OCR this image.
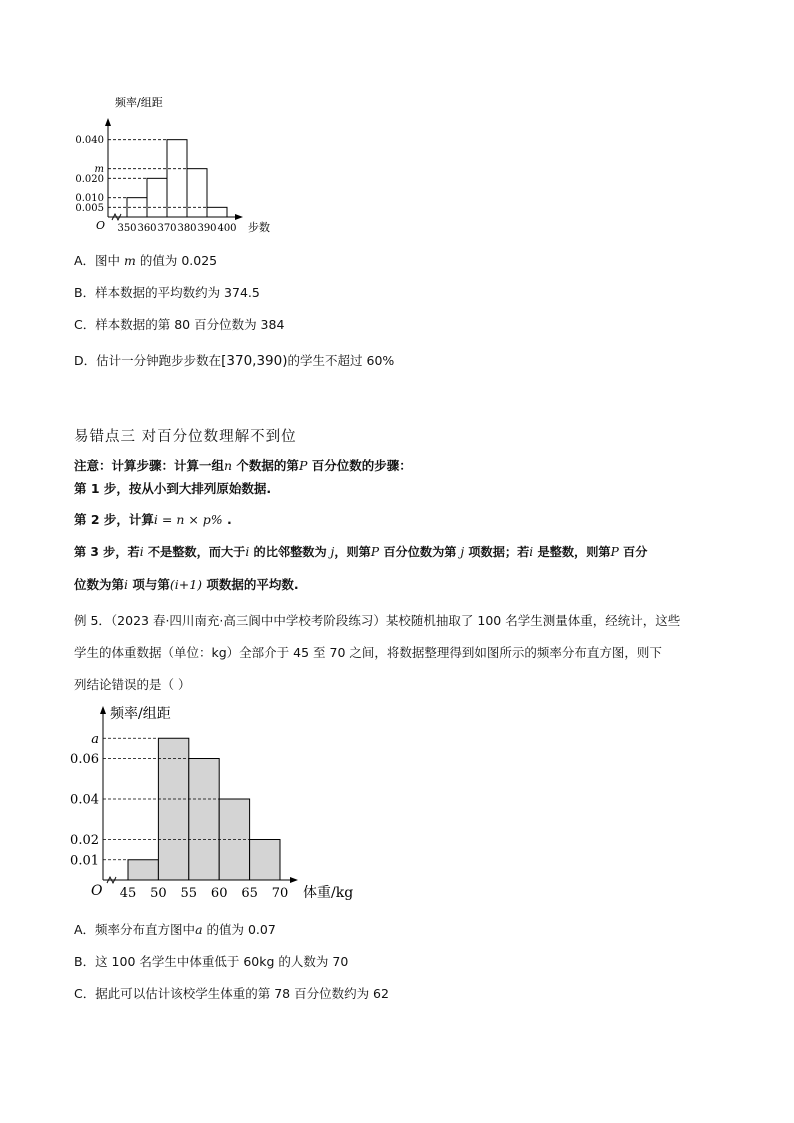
0.040
m
0.020
0.010
0.005
350 360 370 380 390 400
O
频率/组距
步数
A．图中 m 的值为 0.025
B．样本数据的平均数约为 374.5
C．样本数据的第 80 百分位数为 384
D．估计一分钟跑步步数在[370,390)的学生不超过 60%
易错点三 对百分位数理解不到位
注意：计算步骤：计算一组n 个数据的第P 百分位数的步骤：
第 1 步，按从小到大排列原始数据.
第 2 步，计算i = n × p% .
第 3 步，若i 不是整数，而大于i 的比邻整数为 j，则第P 百分位数为第 j 项数据；若i 是整数，则第P 百分
位数为第i 项与第(i+1) 项数据的平均数.
例 5．（2023 春·四川南充·高三阆中中学校考阶段练习）某校随机抽取了 100 名学生测量体重，经统计，这些
学生的体重数据（单位：kg）全部介于 45 至 70 之间，将数据整理得到如图所示的频率分布直方图，则下
列结论错误的是（ ）
a
0.06
0.04
0.02
0.01
45 50 55 60 65 70
O
频率/组距
体重/kg
A．频率分布直方图中a 的值为 0.07
B．这 100 名学生中体重低于 60kg 的人数为 70
C．据此可以估计该校学生体重的第 78 百分位数约为 62
